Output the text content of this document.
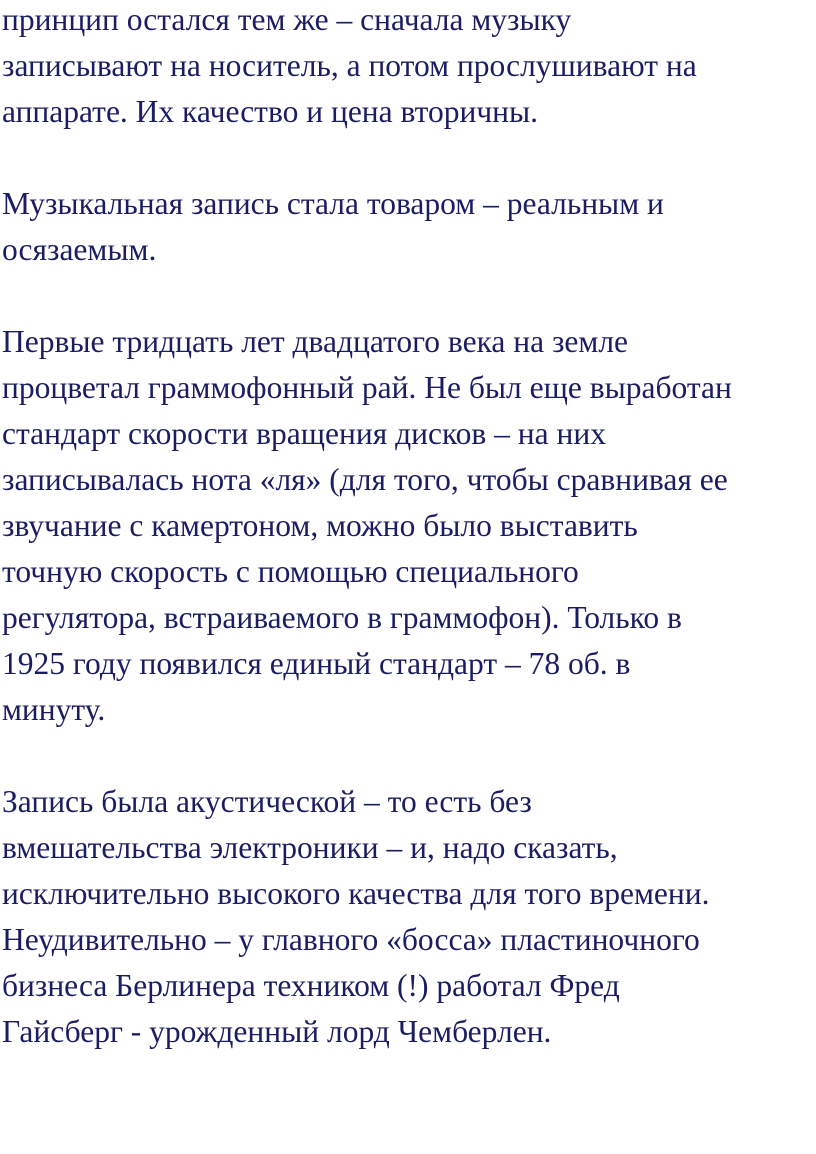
принцип остался тем же – сначала музыку
записывают на носитель, а потом прослушивают на
аппарате. Их качество и цена вторичны.
Музыкальная запись стала товаром – реальным и
осязаемым.
Первые тридцать лет двадцатого века на земле
процветал граммофонный рай. Не был еще выработан
стандарт скорости вращения дисков – на них
записывалась нота «ля» (для того, чтобы сравнивая ее
звучание с камертоном, можно было выставить
точную скорость с помощью специального
регулятора, встраиваемого в граммофон). Только в
1925 году появился единый стандарт – 78 об. в
минуту.
Запись была акустической – то есть без
вмешательства электроники – и, надо сказать,
исключительно высокого качества для того времени.
Неудивительно – у главного «босса» пластиночного
бизнеса Берлинера техником (!) работал Фред
Гайсберг - урожденный лорд Чемберлен.
